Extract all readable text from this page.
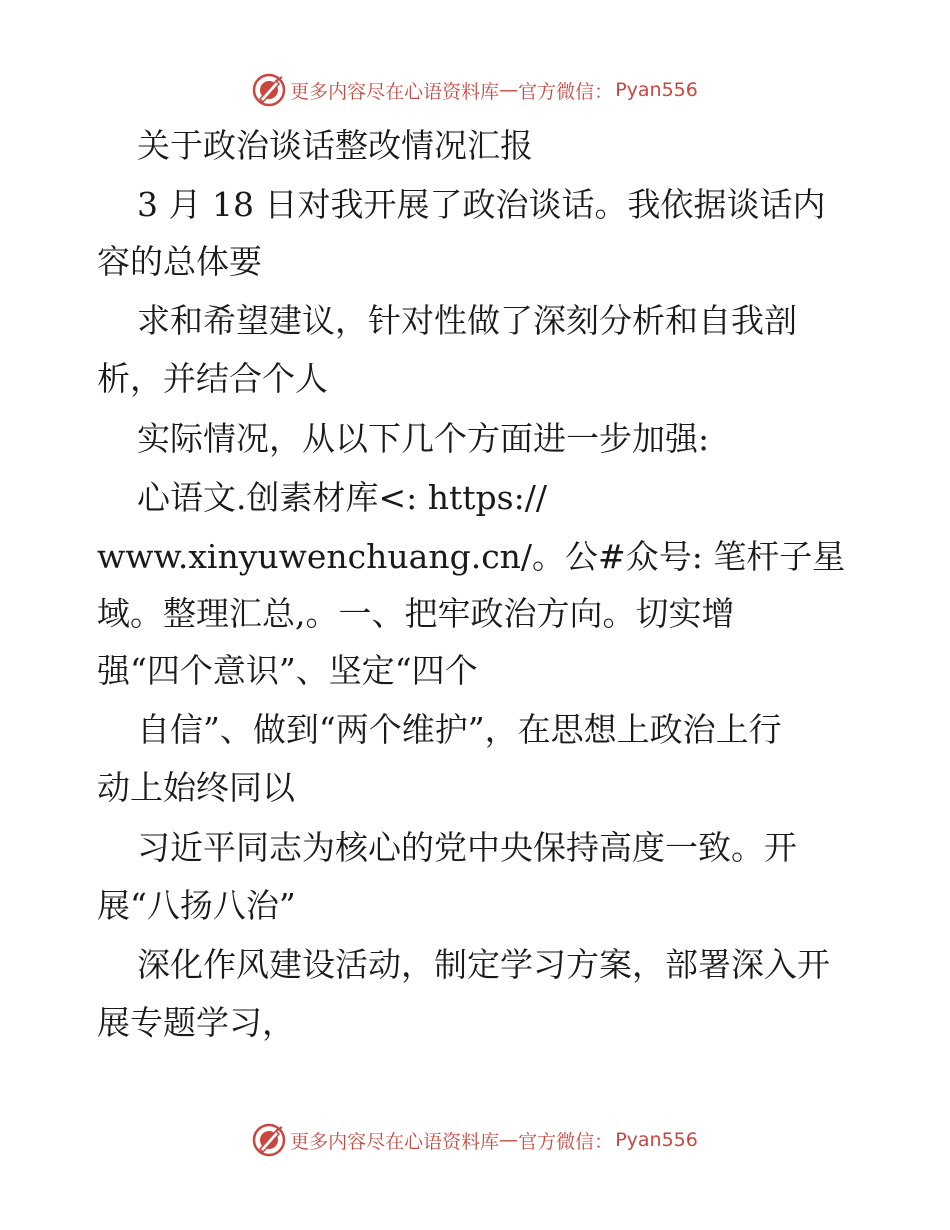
更多内容尽在心语资料库 — 官方微信： Pyan556
关于政治谈话整改情况汇报
3 月 18 日对我开展了政治谈话。我依据谈话内
容的总体要
求和希望建议，针对性做了深刻分析和自我剖
析，并结合个人
实际情况，从以下几个方面进一步加强:
心语文.创素材库<: https://
www.xinyuwenchuang.cn/。公#众号: 笔杆子星
域。整理汇总,。一、把牢政治方向。切实增
强“四个意识”、坚定“四个
自信”、做到“两个维护”，在思想上政治上行
动上始终同以
习近平同志为核心的党中央保持高度一致。开
展“八扬八治”
深化作风建设活动，制定学习方案，部署深入开
展专题学习，
更多内容尽在心语资料库 — 官方微信： Pyan556
